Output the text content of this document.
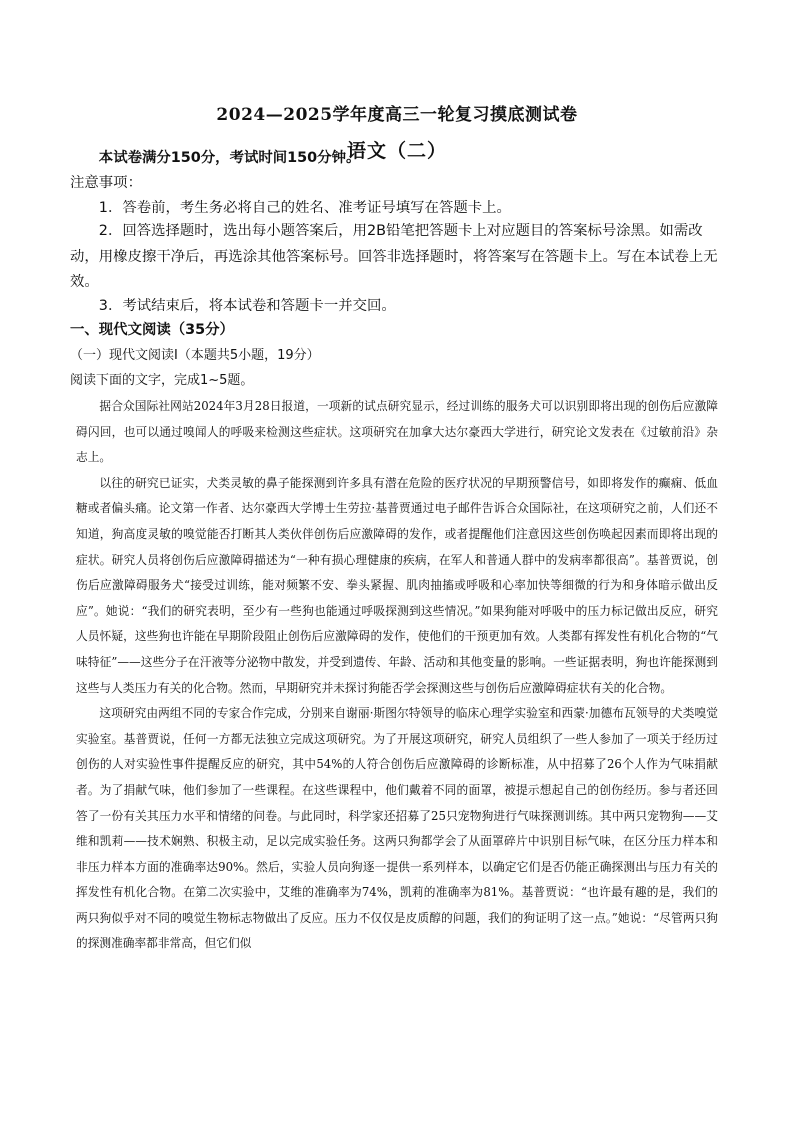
2024—2025学年度高三一轮复习摸底测试卷
语文（二）

本试卷满分150分，考试时间150分钟。

注意事项：

1．答卷前，考生务必将自己的姓名、准考证号填写在答题卡上。

2．回答选择题时，选出每小题答案后，用2B铅笔把答题卡上对应题目的答案标号涂黑。如需改动，用橡皮擦干净后，再选涂其他答案标号。回答非选择题时，将答案写在答题卡上。写在本试卷上无效。

3．考试结束后，将本试卷和答题卡一并交回。

一、现代文阅读（35分）

（一）现代文阅读Ⅰ（本题共5小题，19分）

阅读下面的文字，完成1~5题。

据合众国际社网站2024年3月28日报道，一项新的试点研究显示，经过训练的服务犬可以识别即将出现的创伤后应激障碍闪回，也可以通过嗅闻人的呼吸来检测这些症状。这项研究在加拿大达尔豪西大学进行，研究论文发表在《过敏前沿》杂志上。

以往的研究已证实，犬类灵敏的鼻子能探测到许多具有潜在危险的医疗状况的早期预警信号，如即将发作的癫痫、低血糖或者偏头痛。论文第一作者、达尔豪西大学博士生劳拉·基普贾通过电子邮件告诉合众国际社，在这项研究之前，人们还不知道，狗高度灵敏的嗅觉能否打断其人类伙伴创伤后应激障碍的发作，或者提醒他们注意因这些创伤唤起因素而即将出现的症状。研究人员将创伤后应激障碍描述为“一种有损心理健康的疾病，在军人和普通人群中的发病率都很高”。基普贾说，创伤后应激障碍服务犬“接受过训练，能对频繁不安、拳头紧握、肌肉抽搐或呼吸和心率加快等细微的行为和身体暗示做出反应”。她说：“我们的研究表明，至少有一些狗也能通过呼吸探测到这些情况。”如果狗能对呼吸中的压力标记做出反应，研究人员怀疑，这些狗也许能在早期阶段阻止创伤后应激障碍的发作，使他们的干预更加有效。人类都有挥发性有机化合物的“气味特征”——这些分子在汗液等分泌物中散发，并受到遗传、年龄、活动和其他变量的影响。一些证据表明，狗也许能探测到这些与人类压力有关的化合物。然而，早期研究并未探讨狗能否学会探测这些与创伤后应激障碍症状有关的化合物。

这项研究由两组不同的专家合作完成，分别来自谢丽·斯图尔特领导的临床心理学实验室和西蒙·加德布瓦领导的犬类嗅觉实验室。基普贾说，任何一方都无法独立完成这项研究。为了开展这项研究，研究人员组织了一些人参加了一项关于经历过创伤的人对实验性事件提醒反应的研究，其中54%的人符合创伤后应激障碍的诊断标准，从中招募了26个人作为气味捐献者。为了捐献气味，他们参加了一些课程。在这些课程中，他们戴着不同的面罩，被提示想起自己的创伤经历。参与者还回答了一份有关其压力水平和情绪的问卷。与此同时，科学家还招募了25只宠物狗进行气味探测训练。其中两只宠物狗——艾维和凯莉——技术娴熟、积极主动，足以完成实验任务。这两只狗都学会了从面罩碎片中识别目标气味，在区分压力样本和非压力样本方面的准确率达90%。然后，实验人员向狗逐一提供一系列样本，以确定它们是否仍能正确探测出与压力有关的挥发性有机化合物。在第二次实验中，艾维的准确率为74%，凯莉的准确率为81%。基普贾说：“也许最有趣的是，我们的两只狗似乎对不同的嗅觉生物标志物做出了反应。压力不仅仅是皮质醇的问题，我们的狗证明了这一点。”她说：“尽管两只狗的探测准确率都非常高，但它们似
